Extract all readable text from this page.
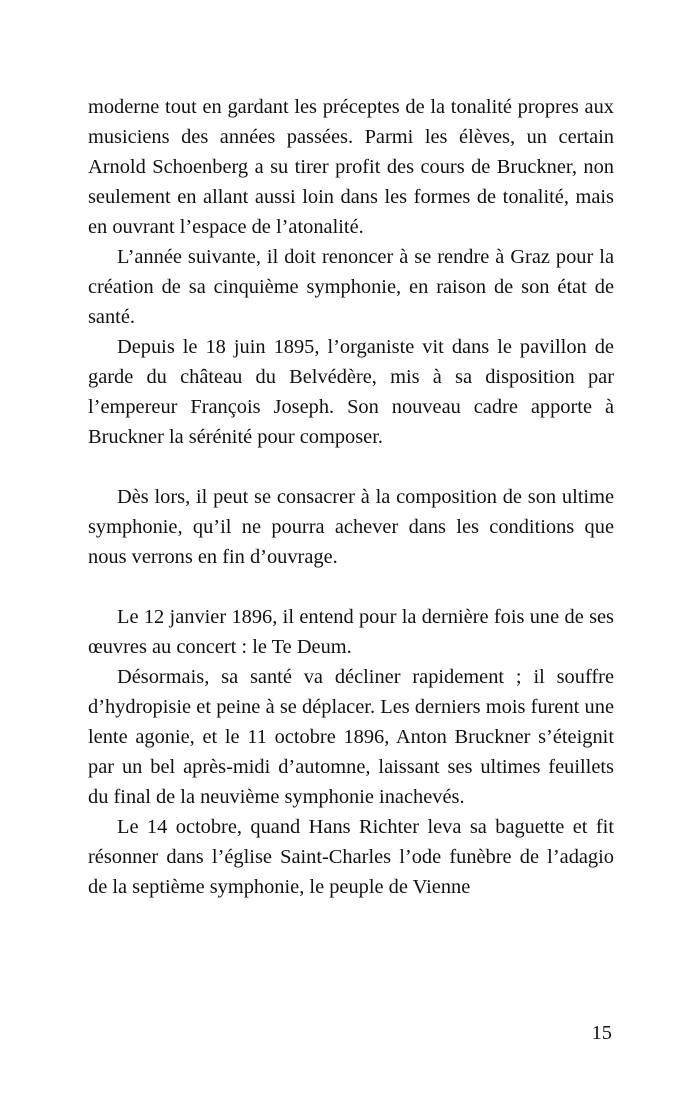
moderne tout en gardant les préceptes de la tonalité propres aux musiciens des années passées. Parmi les élèves, un certain Arnold Schoenberg a su tirer profit des cours de Bruckner, non seulement en allant aussi loin dans les formes de tonalité, mais en ouvrant l’espace de l’atonalité.

L’année suivante, il doit renoncer à se rendre à Graz pour la création de sa cinquième symphonie, en raison de son état de santé.

Depuis le 18 juin 1895, l’organiste vit dans le pavillon de garde du château du Belvédère, mis à sa disposition par l’empereur François Joseph. Son nouveau cadre apporte à Bruckner la sérénité pour composer.

Dès lors, il peut se consacrer à la composition de son ultime symphonie, qu’il ne pourra achever dans les conditions que nous verrons en fin d’ouvrage.

Le 12 janvier 1896, il entend pour la dernière fois une de ses œuvres au concert : le Te Deum.

Désormais, sa santé va décliner rapidement ; il souffre d’hydropisie et peine à se déplacer. Les derniers mois furent une lente agonie, et le 11 octobre 1896, Anton Bruckner s’éteignit par un bel après-midi d’automne, laissant ses ultimes feuillets du final de la neuvième symphonie inachevés.

Le 14 octobre, quand Hans Richter leva sa baguette et fit résonner dans l’église Saint-Charles l’ode funèbre de l’adagio de la septième symphonie, le peuple de Vienne

15
